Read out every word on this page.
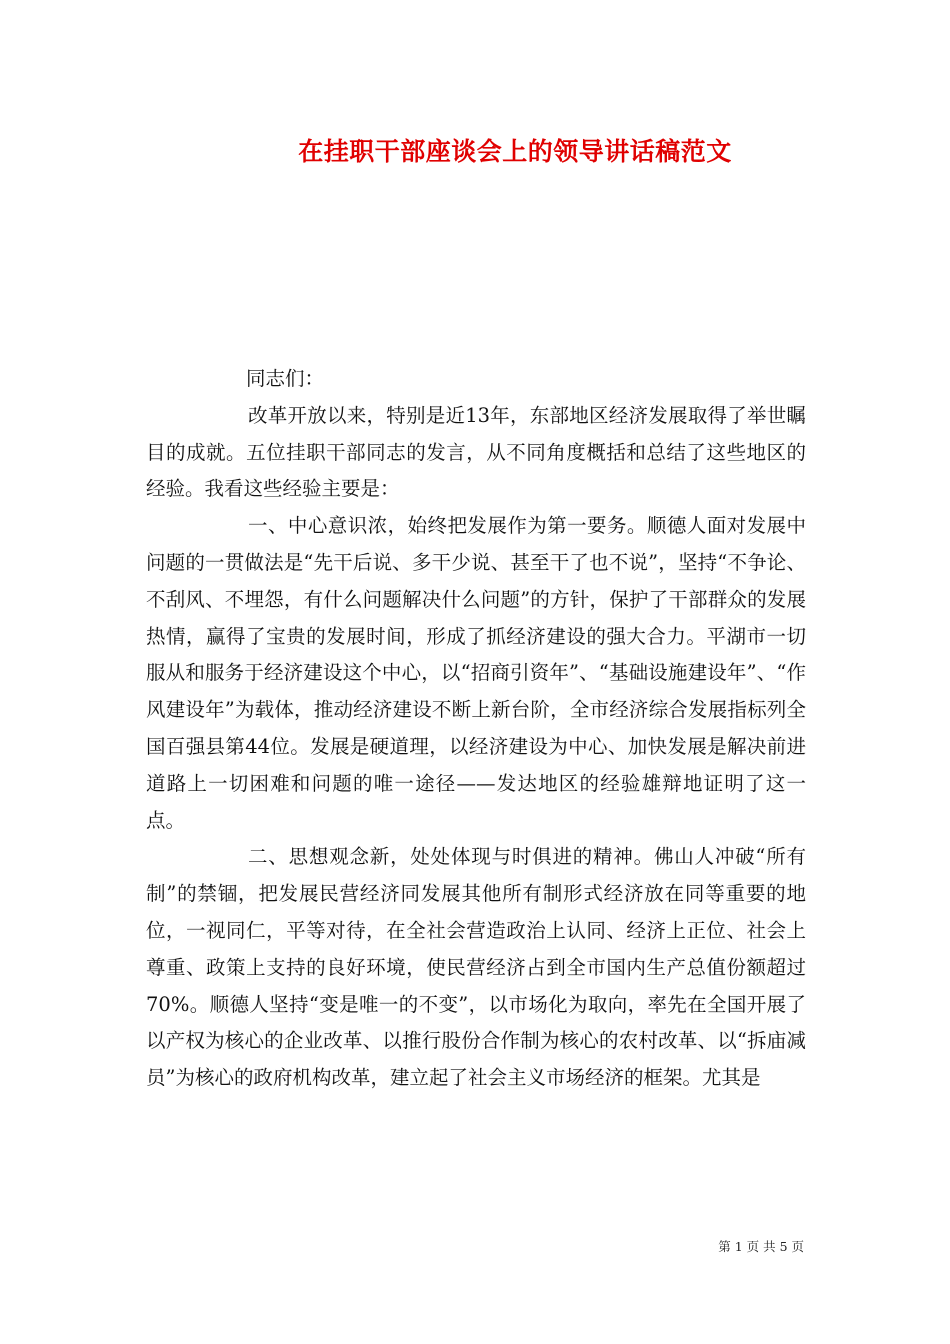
在挂职干部座谈会上的领导讲话稿范文

同志们：

改革开放以来，特别是近13年，东部地区经济发展取得了举世瞩目的成就。五位挂职干部同志的发言，从不同角度概括和总结了这些地区的经验。我看这些经验主要是：

一、中心意识浓，始终把发展作为第一要务。顺德人面对发展中问题的一贯做法是“先干后说、多干少说、甚至干了也不说”，坚持“不争论、不刮风、不埋怨，有什么问题解决什么问题”的方针，保护了干部群众的发展热情，赢得了宝贵的发展时间，形成了抓经济建设的强大合力。平湖市一切服从和服务于经济建设这个中心，以“招商引资年”、“基础设施建设年”、“作风建设年”为载体，推动经济建设不断上新台阶，全市经济综合发展指标列全国百强县第44位。发展是硬道理，以经济建设为中心、加快发展是解决前进道路上一切困难和问题的唯一途径——发达地区的经验雄辩地证明了这一点。

二、思想观念新，处处体现与时俱进的精神。佛山人冲破“所有制”的禁锢，把发展民营经济同发展其他所有制形式经济放在同等重要的地位，一视同仁，平等对待，在全社会营造政治上认同、经济上正位、社会上尊重、政策上支持的良好环境，使民营经济占到全市国内生产总值份额超过70%。顺德人坚持“变是唯一的不变”，以市场化为取向，率先在全国开展了以产权为核心的企业改革、以推行股份合作制为核心的农村改革、以“拆庙减员”为核心的政府机构改革，建立起了社会主义市场经济的框架。尤其是

第 1 页 共 5 页
